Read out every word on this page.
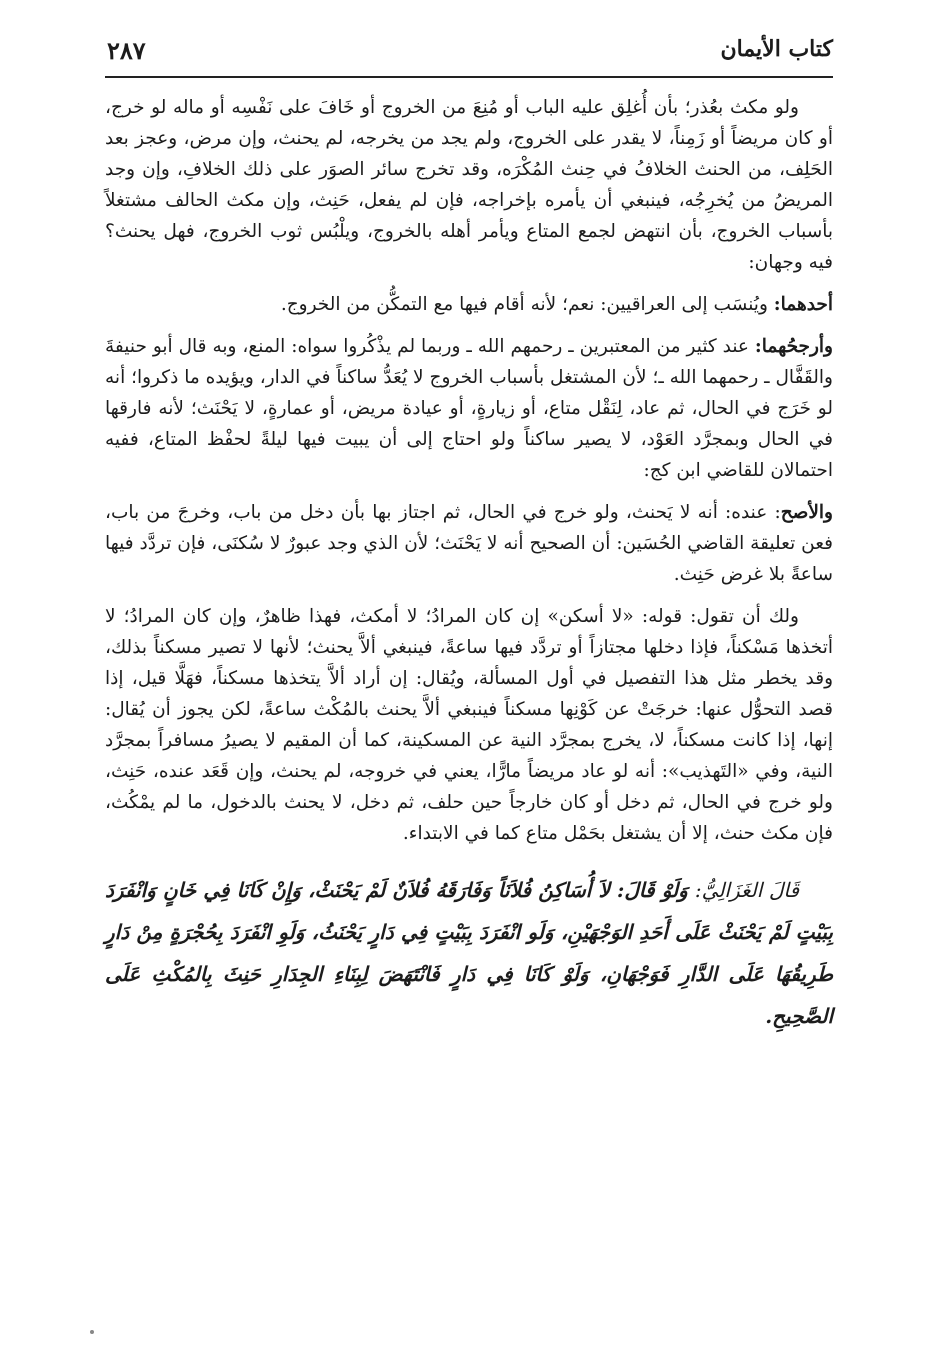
كتاب الأيمان
٢٨٧

ولو مكث بعُذر؛ بأن أُغلِق عليه الباب أو مُنِعَ من الخروج أو خَافَ على نَفْسِه أو ماله لو خرج، أو كان مريضاً أو زَمِناً، لا يقدر على الخروج، ولم يجد من يخرجه، لم يحنث، وإن مرض، وعجز بعد الحَلِف، من الحنث الخلافُ في حِنث المُكْرَه، وقد تخرج سائر الصوَر على ذلك الخلافِ، وإن وجد المريضُ من يُخرِجُه، فينبغي أن يأمره بإخراجه، فإن لم يفعل، حَنِث، وإن مكث الحالف مشتغلاً بأسباب الخروج، بأن انتهض لجمع المتاع ويأمر أهله بالخروج، ويلْبُس ثوب الخروج، فهل يحنث؟ فيه وجهان:

أحدهما: ويُنسَب إلى العراقيين: نعم؛ لأنه أقام فيها مع التمكُّن من الخروج.

وأرجحُهما: عند كثير من المعتبرين ـ رحمهم الله ـ وربما لم يذْكُروا سواه: المنع، وبه قال أبو حنيفةَ والقَفَّال ـ رحمهما الله ـ؛ لأن المشتغل بأسباب الخروج لا يُعَدُّ ساكناً في الدار، ويؤيده ما ذكروا؛ أنه لو خَرَج في الحال، ثم عاد، لِنَقْل متاع، أو زيارةٍ، أو عيادة مريض، أو عمارةٍ، لا يَحْنَث؛ لأنه فارقها في الحال وبمجرَّد العَوْد، لا يصير ساكناً ولو احتاج إلى أن يبيت فيها ليلةً لحفْظ المتاع، ففيه احتمالان للقاضي ابن كج:

والأصح: عنده: أنه لا يَحنث، ولو خرج في الحال، ثم اجتاز بها بأن دخل من باب، وخرجَ من باب، فعن تعليقة القاضي الحُسَين: أن الصحيح أنه لا يَحْنَث؛ لأن الذي وجد عبورٌ لا سُكنَى، فإن تردَّد فيها ساعةً بلا غرض حَنِث.

ولك أن تقول: قوله: «لا أسكن» إن كان المرادُ؛ لا أمكث، فهذا ظاهرٌ، وإن كان المرادُ؛ لا أتخذها مَسْكناً، فإذا دخلها مجتازاً أو تردَّد فيها ساعةً، فينبغي ألاَّ يحنث؛ لأنها لا تصير مسكناً بذلك، وقد يخطر مثل هذا التفصيل في أول المسألة، ويُقال: إن أراد ألاَّ يتخذها مسكناً، فهَلَّا قيل، إذا قصد التحوُّل عنها: خرجَتْ عن كَوْنِها مسكناً فينبغي ألاَّ يحنث بالمُكْث ساعةً، لكن يجوز أن يُقال: إنها، إذا كانت مسكناً، لا، يخرج بمجرَّد النية عن المسكينة، كما أن المقيم لا يصيرُ مسافراً بمجرَّد النية، وفي «التَهذيب»: أنه لو عاد مريضاً مارًّا، يعني في خروجه، لم يحنث، وإن قَعَد عنده، حَنِث، ولو خرج في الحال، ثم دخل أو كان خارجاً حين حلف، ثم دخل، لا يحنث بالدخول، ما لم يمْكُث، فإن مكث حنث، إلا أن يشتغل بحَمْل متاع كما في الابتداء.

قَالَ الغَزَالِيُّ: وَلَوْ قَالَ: لاَ أُسَاكِنُ فُلاَنَاً وَفَارَقَهُ فُلاَنٌ لَمْ يَحْنَثْ، وَإِنْ كَانَا فِي خَانٍ وَانْفَرَدَ بِبَيْتٍ لَمْ يَحْنَثْ عَلَى أَحَدِ الوَجْهَيْنِ، وَلَو انْفَرَدَ بِبَيْتٍ فِي دَارٍ يَحْنَثُ، وَلَوِ انْفَرَدَ بِحُجْرَةٍ مِنْ دَارٍ طَرِيقُهَا عَلَى الدَّارِ فَوَجْهَانِ، وَلَوْ كَانَا فِي دَارٍ فَانْتَهَضَ لِبِنَاءِ الجِدَارِ حَنِثَ بِالمُكْثِ عَلَى الصَّحِيحِ.
